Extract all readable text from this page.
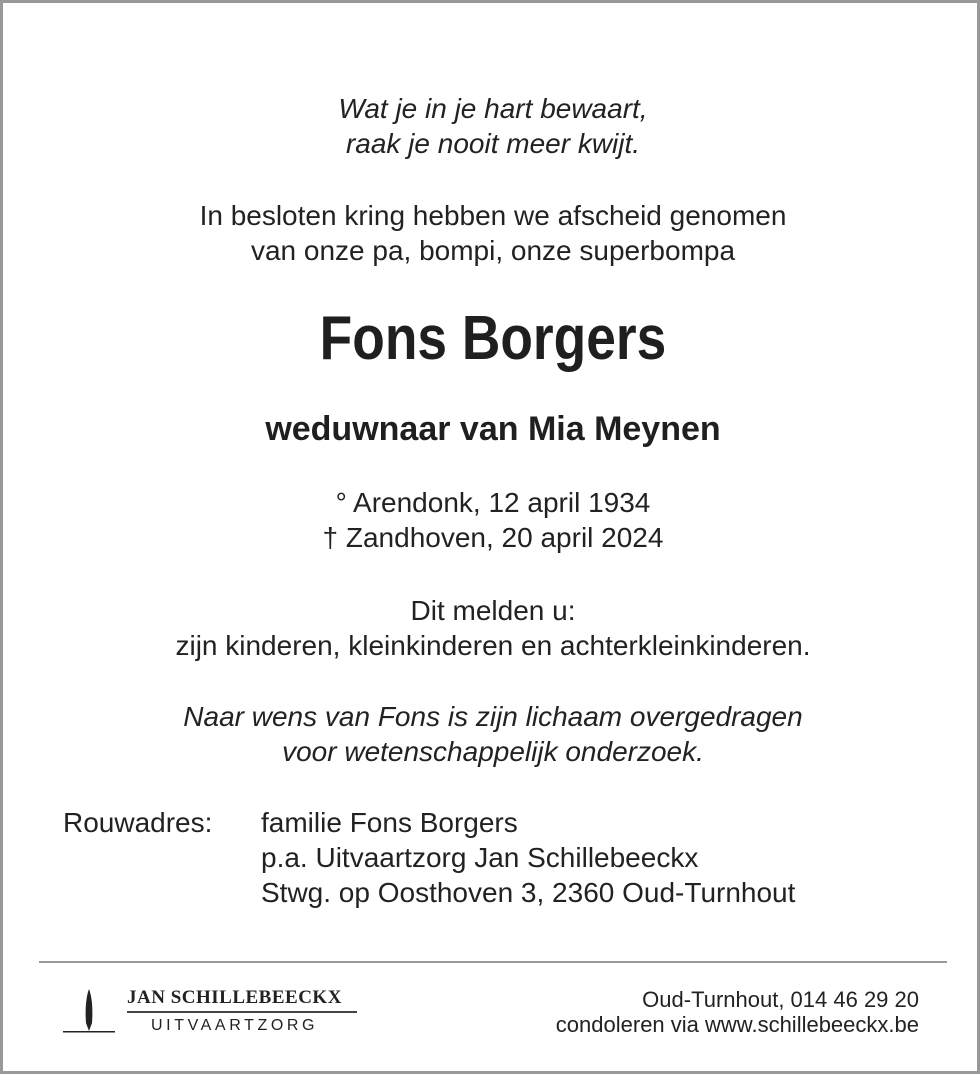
Wat je in je hart bewaart,
raak je nooit meer kwijt.
In besloten kring hebben we afscheid genomen
van onze pa, bompi, onze superbompa
Fons Borgers
weduwnaar van Mia Meynen
° Arendonk, 12 april 1934
† Zandhoven, 20 april 2024
Dit melden u:
zijn kinderen, kleinkinderen en achterkleinkinderen.
Naar wens van Fons is zijn lichaam overgedragen
voor wetenschappelijk onderzoek.
Rouwadres: familie Fons Borgers
p.a. Uitvaartzorg Jan Schillebeeckx
Stwg. op Oosthoven 3, 2360 Oud-Turnhout
JAN SCHILLEBEECKX
UITVAARTZORG
Oud-Turnhout, 014 46 29 20
condoleren via www.schillebeeckx.be
